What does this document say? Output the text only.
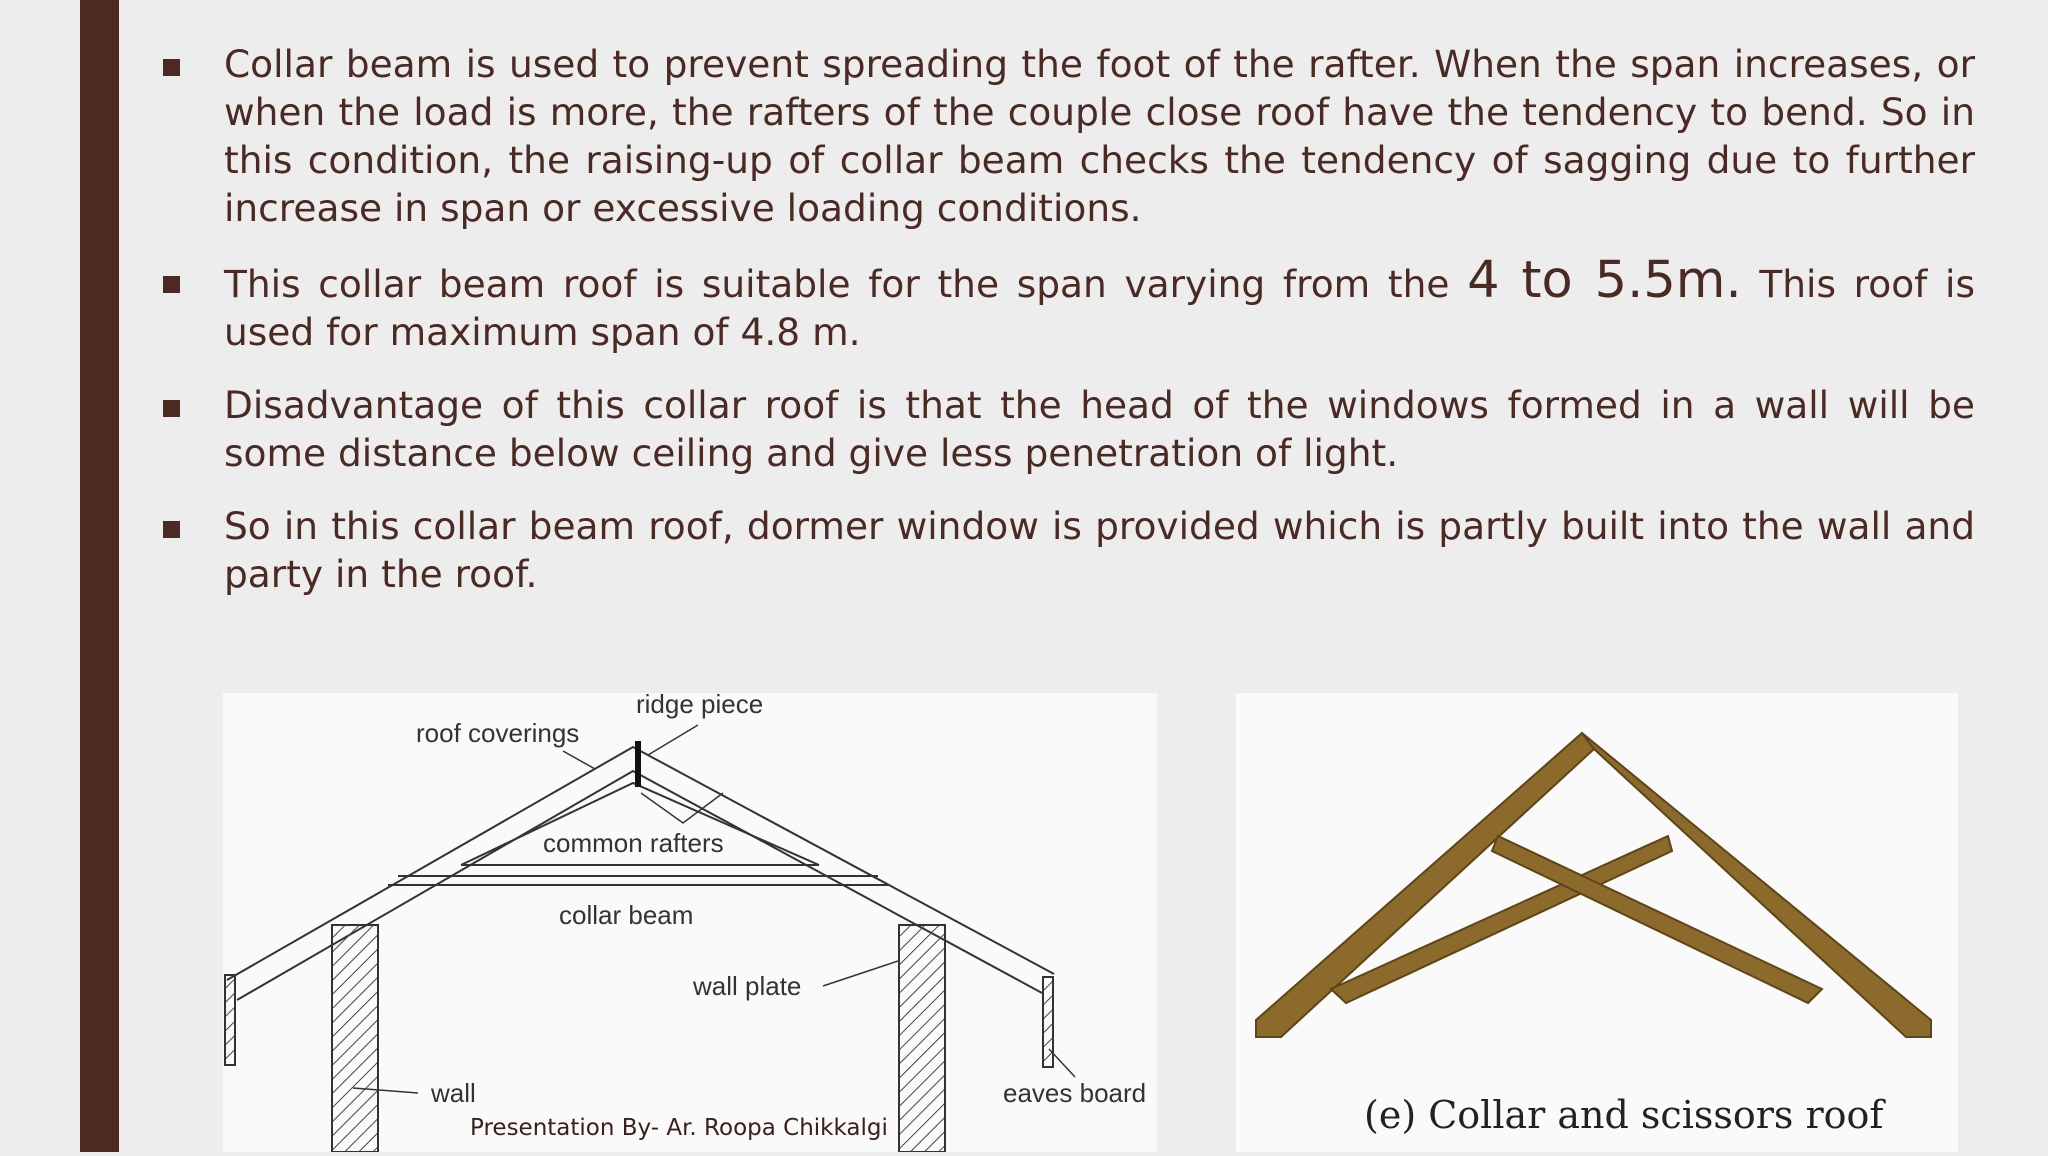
Collar beam is used to prevent spreading the foot of the rafter. When the span increases, or when the load is more, the rafters of the couple close roof have the tendency to bend. So in this condition, the raising-up of collar beam checks the tendency of sagging due to further increase in span or excessive loading conditions.
This collar beam roof is suitable for the span varying from the 4 to 5.5m. This roof is used for maximum span of 4.8 m.
Disadvantage of this collar roof is that the head of the windows formed in a wall will be some distance below ceiling and give less penetration of light.
So in this collar beam roof, dormer window is provided which is partly built into the wall and party in the roof.
ridge piece
roof coverings
common rafters
collar beam
wall plate
wall	eaves board	(e) Collar and scissors roof
Presentation By- Ar. Roopa Chikkalgi
